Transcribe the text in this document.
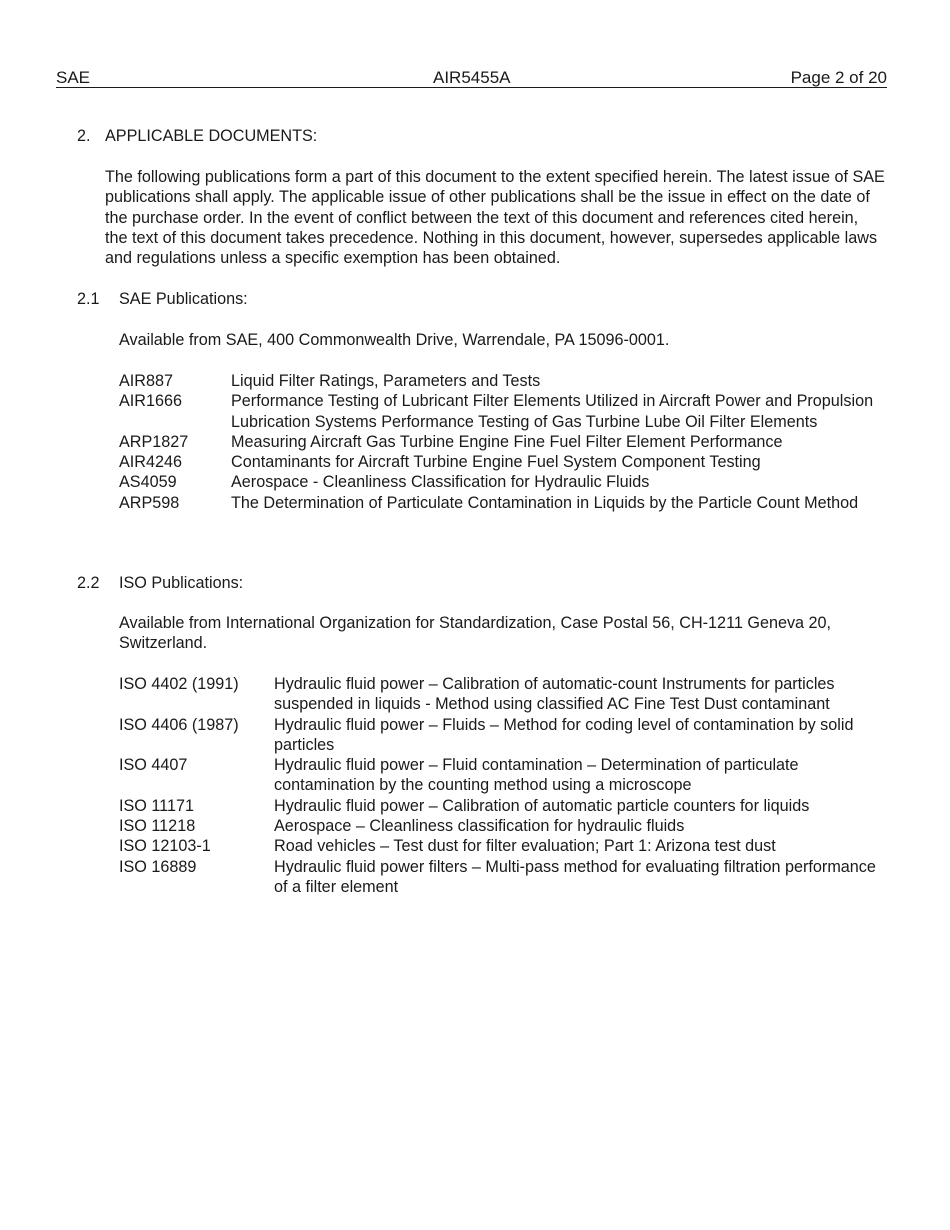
SAE	AIR5455A	Page 2 of 20
2. APPLICABLE DOCUMENTS:
The following publications form a part of this document to the extent specified herein. The latest issue of SAE publications shall apply. The applicable issue of other publications shall be the issue in effect on the date of the purchase order. In the event of conflict between the text of this document and references cited herein, the text of this document takes precedence. Nothing in this document, however, supersedes applicable laws and regulations unless a specific exemption has been obtained.
2.1 SAE Publications:
Available from SAE, 400 Commonwealth Drive, Warrendale, PA 15096-0001.
AIR887	Liquid Filter Ratings, Parameters and Tests
AIR1666	Performance Testing of Lubricant Filter Elements Utilized in Aircraft Power and Propulsion Lubrication Systems Performance Testing of Gas Turbine Lube Oil Filter Elements
ARP1827	Measuring Aircraft Gas Turbine Engine Fine Fuel Filter Element Performance
AIR4246	Contaminants for Aircraft Turbine Engine Fuel System Component Testing
AS4059	Aerospace - Cleanliness Classification for Hydraulic Fluids
ARP598	The Determination of Particulate Contamination in Liquids by the Particle Count Method
2.2 ISO Publications:
Available from International Organization for Standardization, Case Postal 56, CH-1211 Geneva 20, Switzerland.
ISO 4402 (1991)	Hydraulic fluid power – Calibration of automatic-count Instruments for particles suspended in liquids - Method using classified AC Fine Test Dust contaminant
ISO 4406 (1987)	Hydraulic fluid power – Fluids – Method for coding level of contamination by solid particles
ISO 4407	Hydraulic fluid power – Fluid contamination – Determination of particulate contamination by the counting method using a microscope
ISO 11171	Hydraulic fluid power – Calibration of automatic particle counters for liquids
ISO 11218	Aerospace – Cleanliness classification for hydraulic fluids
ISO 12103-1	Road vehicles – Test dust for filter evaluation; Part 1: Arizona test dust
ISO 16889	Hydraulic fluid power filters – Multi-pass method for evaluating filtration performance of a filter element
